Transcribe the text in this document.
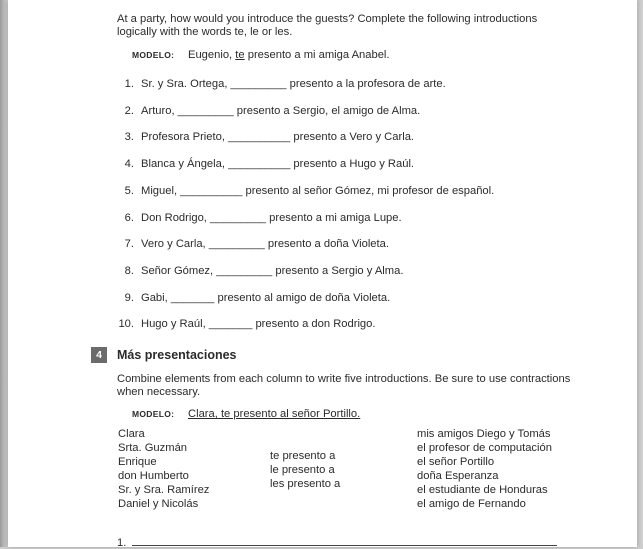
At a party, how would you introduce the guests? Complete the following introductions logically with the words te, le or les.
MODELO: Eugenio, te presento a mi amiga Anabel.
1. Sr. y Sra. Ortega, _________ presento a la profesora de arte.
2. Arturo, _________ presento a Sergio, el amigo de Alma.
3. Profesora Prieto, __________ presento a Vero y Carla.
4. Blanca y Ángela, __________ presento a Hugo y Raúl.
5. Miguel, __________ presento al señor Gómez, mi profesor de español.
6. Don Rodrigo, _________ presento a mi amiga Lupe.
7. Vero y Carla, _________ presento a doña Violeta.
8. Señor Gómez, _________ presento a Sergio y Alma.
9. Gabi, _______ presento al amigo de doña Violeta.
10. Hugo y Raúl, _______ presento a don Rodrigo.
4	Más presentaciones
Combine elements from each column to write five introductions. Be sure to use contractions when necessary.
MODELO: Clara, te presento al señor Portillo.
Clara
Srta. Guzmán
Enrique
don Humberto
Sr. y Sra. Ramírez
Daniel y Nicolás
te presento a
le presento a
les presento a
mis amigos Diego y Tomás
el profesor de computación
el señor Portillo
doña Esperanza
el estudiante de Honduras
el amigo de Fernando
1.
